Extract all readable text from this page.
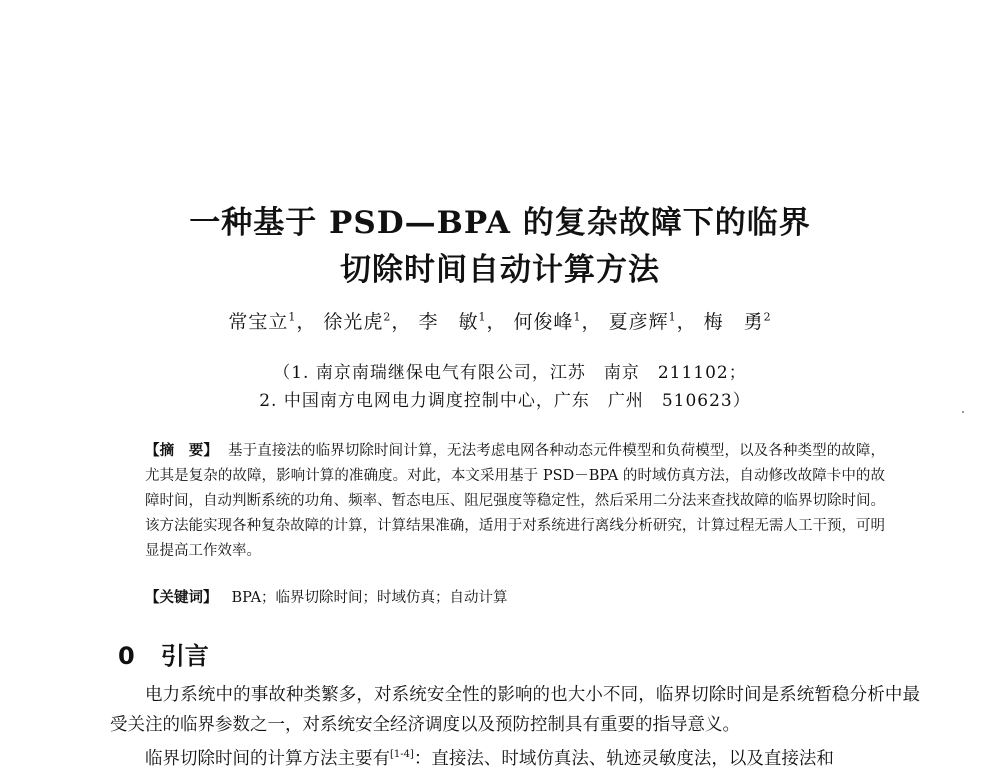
一种基于 PSD—BPA 的复杂故障下的临界
切除时间自动计算方法
常宝立$^1$， 徐光虎$^2$， 李　敏$^1$， 何俊峰$^1$， 夏彦辉$^1$， 梅　勇$^2$
（1. 南京南瑞继保电气有限公司，江苏　南京　211102；
2. 中国南方电网电力调度控制中心，广东　广州　510623）
【摘　要】 基于直接法的临界切除时间计算，无法考虑电网各种动态元件模型和负荷模型，以及各种类型的故障，尤其是复杂的故障，影响计算的准确度。对此，本文采用基于 PSD－BPA 的时域仿真方法，自动修改故障卡中的故障时间，自动判断系统的功角、频率、暂态电压、阻尼强度等稳定性，然后采用二分法来查找故障的临界切除时间。该方法能实现各种复杂故障的计算，计算结果准确，适用于对系统进行离线分析研究，计算过程无需人工干预，可明显提高工作效率。
【关键词】 BPA；临界切除时间；时域仿真；自动计算
0 引言

电力系统中的事故种类繁多，对系统安全性的影响的也大小不同，临界切除时间是系统暂稳分析中最受关注的临界参数之一，对系统安全经济调度以及预防控制具有重要的指导意义。

临界切除时间的计算方法主要有[1-4]：直接法、时域仿真法、轨迹灵敏度法，以及直接法和
